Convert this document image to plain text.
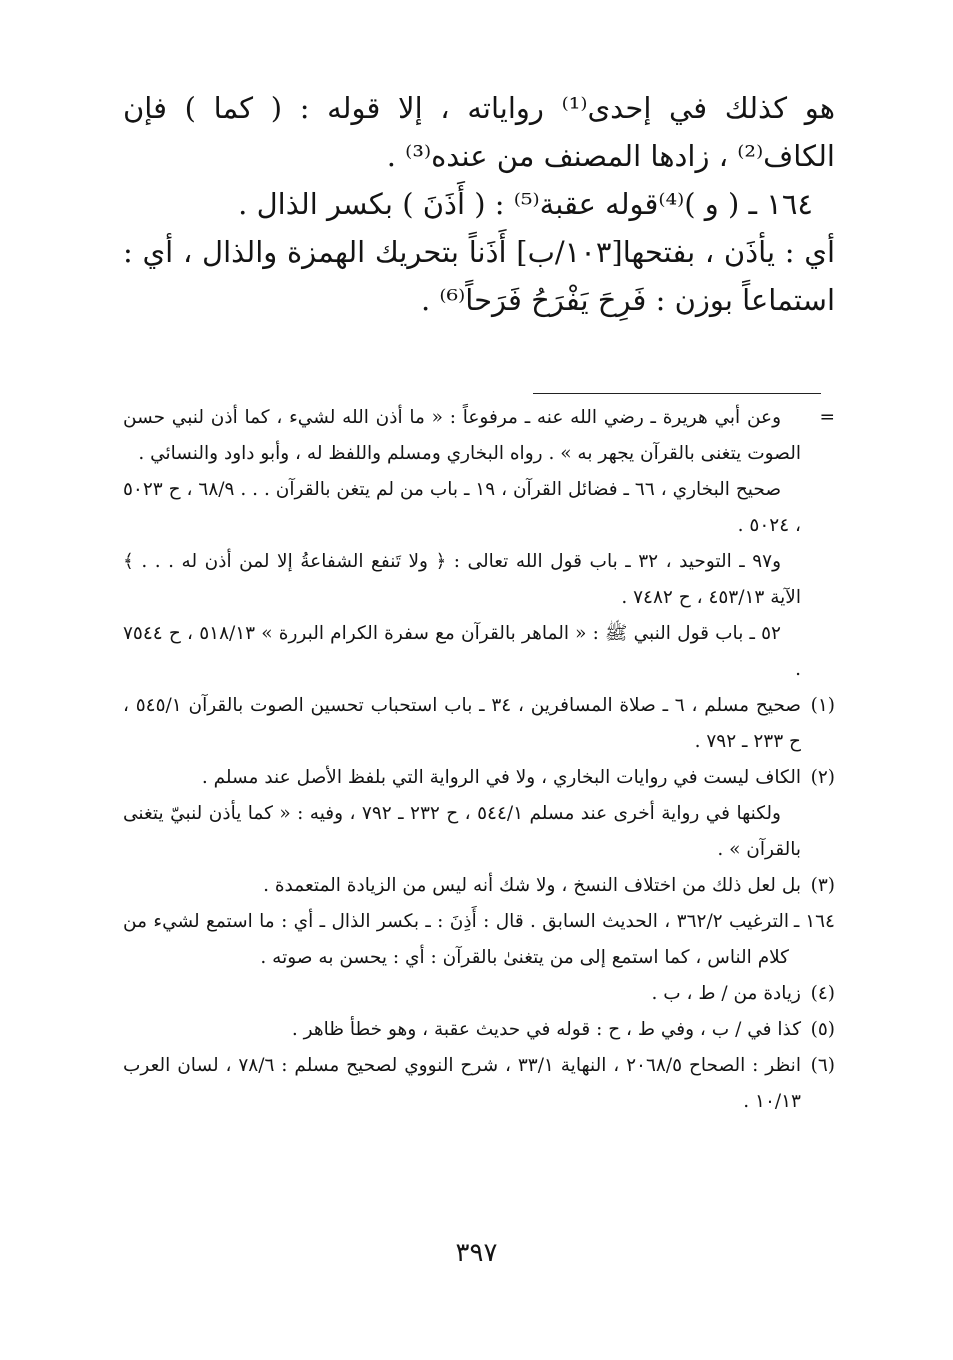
هو كذلك في إحدى⁽¹⁾ رواياته ، إلا قوله : ( كما ) فإن الكاف⁽²⁾ ، زادها المصنف من عنده⁽³⁾ .

١٦٤ ـ ( و )⁽⁴⁾قوله عقبة⁽⁵⁾ : ( أَذَنَ ) بكسر الذال .

أي : يأذَن ، بفتحها[١٠٣/ب] أَذَناً بتحريك الهمزة والذال ، أي : استماعاً بوزن : فَرِحَ يَفْرَحُ فَرَحاً⁽⁶⁾ .

=

وعن أبي هريرة ـ رضي الله عنه ـ مرفوعاً : « ما أذن الله لشيء ، كما أذن لنبي حسن الصوت يتغنى بالقرآن يجهر به » . رواه البخاري ومسلم واللفظ له ، وأبو داود والنسائي .

صحيح البخاري ، ٦٦ ـ فضائل القرآن ، ١٩ ـ باب من لم يتغن بالقرآن . . . ٦٨/٩ ، ح ٥٠٢٣ ، ٥٠٢٤ .

و٩٧ ـ التوحيد ، ٣٢ ـ باب قول الله تعالى : ﴿ ولا تَنفع الشفاعةُ إلا لمن أذن له . . . ﴾ الآية ٤٥٣/١٣ ، ح ٧٤٨٢ .

٥٢ ـ باب قول النبي ﷺ : « الماهر بالقرآن مع سفرة الكرام البررة » ٥١٨/١٣ ، ح ٧٥٤٤ .

(١)

صحيح مسلم ، ٦ ـ صلاة المسافرين ، ٣٤ ـ باب استحباب تحسين الصوت بالقرآن ٥٤٥/١ ، ح ٢٣٣ ـ ٧٩٢ .

(٢)

الكاف ليست في روايات البخاري ، ولا في الرواية التي بلفظ الأصل عند مسلم .

ولكنها في رواية أخرى عند مسلم ٥٤٤/١ ، ح ٢٣٢ ـ ٧٩٢ ، وفيه : « كما يأذن لنبيّ يتغنى بالقرآن » .

(٣)

بل لعل ذلك من اختلاف النسخ ، ولا شك أنه ليس من الزيادة المتعمدة .

١٦٤ ـ

الترغيب ٣٦٢/٢ ، الحديث السابق . قال : أَذِنَ : ـ بكسر الذال ـ أي : ما استمع لشيء من كلام الناس ، كما استمع إلى من يتغنىٰ بالقرآن : أي : يحسن به صوته .

(٤)

زيادة من / ط ، ب .

(٥)

كذا في / ب ، وفي ط ، ح : قوله في حديث عقبة ، وهو خطأ ظاهر .

(٦)

انظر : الصحاح ٢٠٦٨/٥ ، النهاية ٣٣/١ ، شرح النووي لصحيح مسلم : ٧٨/٦ ، لسان العرب ١٠/١٣ .

٣٩٧
